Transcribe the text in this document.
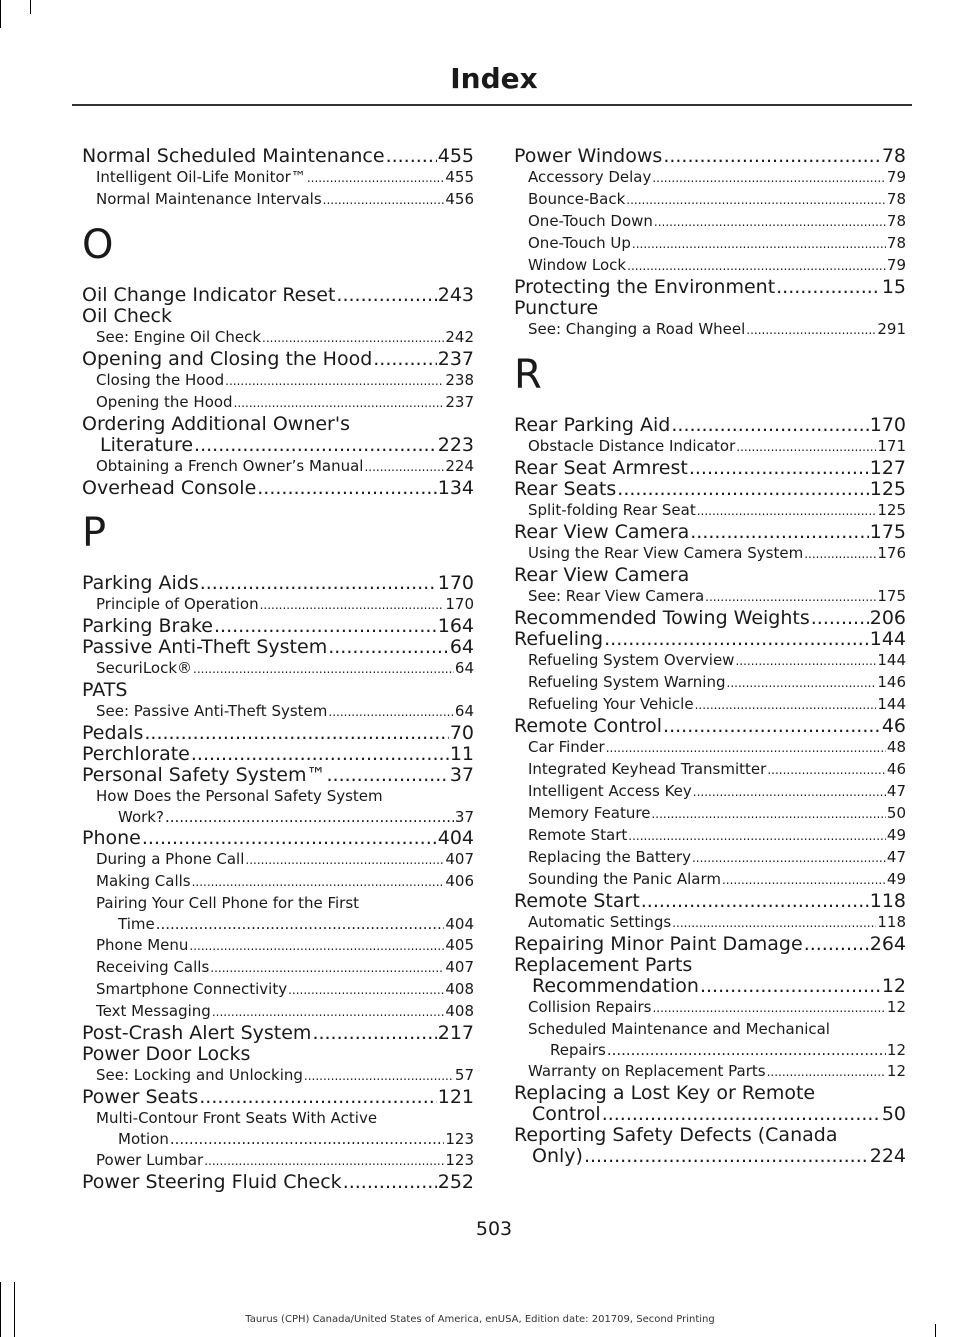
Index
Normal Scheduled Maintenance .....	455
Intelligent Oil-Life Monitor™ .....	455
Normal Maintenance Intervals .....	456
O
Oil Change Indicator Reset .....	243
Oil Check
See: Engine Oil Check .....	242
Opening and Closing the Hood .....	237
Closing the Hood .....	238
Opening the Hood .....	237
Ordering Additional Owner's
Literature .....	223
Obtaining a French Owner’s Manual .....	224
Overhead Console .....	134
P
Parking Aids .....	170
Principle of Operation .....	170
Parking Brake .....	164
Passive Anti-Theft System .....	64
SecuriLock® .....	64
PATS
See: Passive Anti-Theft System .....	64
Pedals .....	70
Perchlorate .....	11
Personal Safety System™ .....	37
How Does the Personal Safety System
Work? .....	37
Phone .....	404
During a Phone Call .....	407
Making Calls .....	406
Pairing Your Cell Phone for the First
Time .....	404
Phone Menu .....	405
Receiving Calls .....	407
Smartphone Connectivity .....	408
Text Messaging .....	408
Post-Crash Alert System .....	217
Power Door Locks
See: Locking and Unlocking .....	57
Power Seats .....	121
Multi-Contour Front Seats With Active
Motion .....	123
Power Lumbar .....	123
Power Steering Fluid Check .....	252
Power Windows .....	78
Accessory Delay .....	79
Bounce-Back .....	78
One-Touch Down .....	78
One-Touch Up .....	78
Window Lock .....	79
Protecting the Environment .....	15
Puncture
See: Changing a Road Wheel .....	291
R
Rear Parking Aid .....	170
Obstacle Distance Indicator .....	171
Rear Seat Armrest .....	127
Rear Seats .....	125
Split-folding Rear Seat .....	125
Rear View Camera .....	175
Using the Rear View Camera System .....	176
Rear View Camera
See: Rear View Camera .....	175
Recommended Towing Weights .....	206
Refueling .....	144
Refueling System Overview .....	144
Refueling System Warning .....	146
Refueling Your Vehicle .....	144
Remote Control .....	46
Car Finder .....	48
Integrated Keyhead Transmitter .....	46
Intelligent Access Key .....	47
Memory Feature .....	50
Remote Start .....	49
Replacing the Battery .....	47
Sounding the Panic Alarm .....	49
Remote Start .....	118
Automatic Settings .....	118
Repairing Minor Paint Damage .....	264
Replacement Parts
Recommendation .....	12
Collision Repairs .....	12
Scheduled Maintenance and Mechanical
Repairs .....	12
Warranty on Replacement Parts .....	12
Replacing a Lost Key or Remote
Control .....	50
Reporting Safety Defects (Canada
Only) .....	224
503
Taurus (CPH) Canada/United States of America, enUSA, Edition date: 201709, Second Printing
